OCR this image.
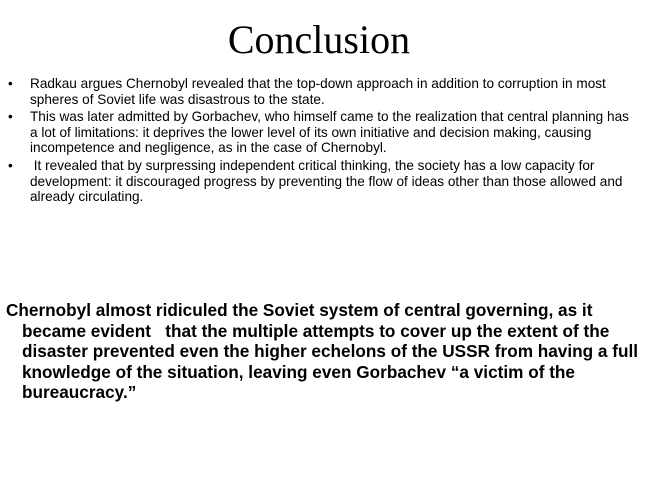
Conclusion
•	Radkau argues Chernobyl revealed that the top-down approach in addition to corruption in most spheres of Soviet life was disastrous to the state.
•	This was later admitted by Gorbachev, who himself came to the realization that central planning has a lot of limitations: it deprives the lower level of its own initiative and decision making, causing incompetence and negligence, as in the case of Chernobyl.
•	It revealed that by surpressing independent critical thinking, the society has a low capacity for development: it discouraged progress by preventing the flow of ideas other than those allowed and already circulating.
Chernobyl almost ridiculed the Soviet system of central governing, as it became evident   that the multiple attempts to cover up the extent of the disaster prevented even the higher echelons of the USSR from having a full knowledge of the situation, leaving even Gorbachev “a victim of the bureaucracy.”
